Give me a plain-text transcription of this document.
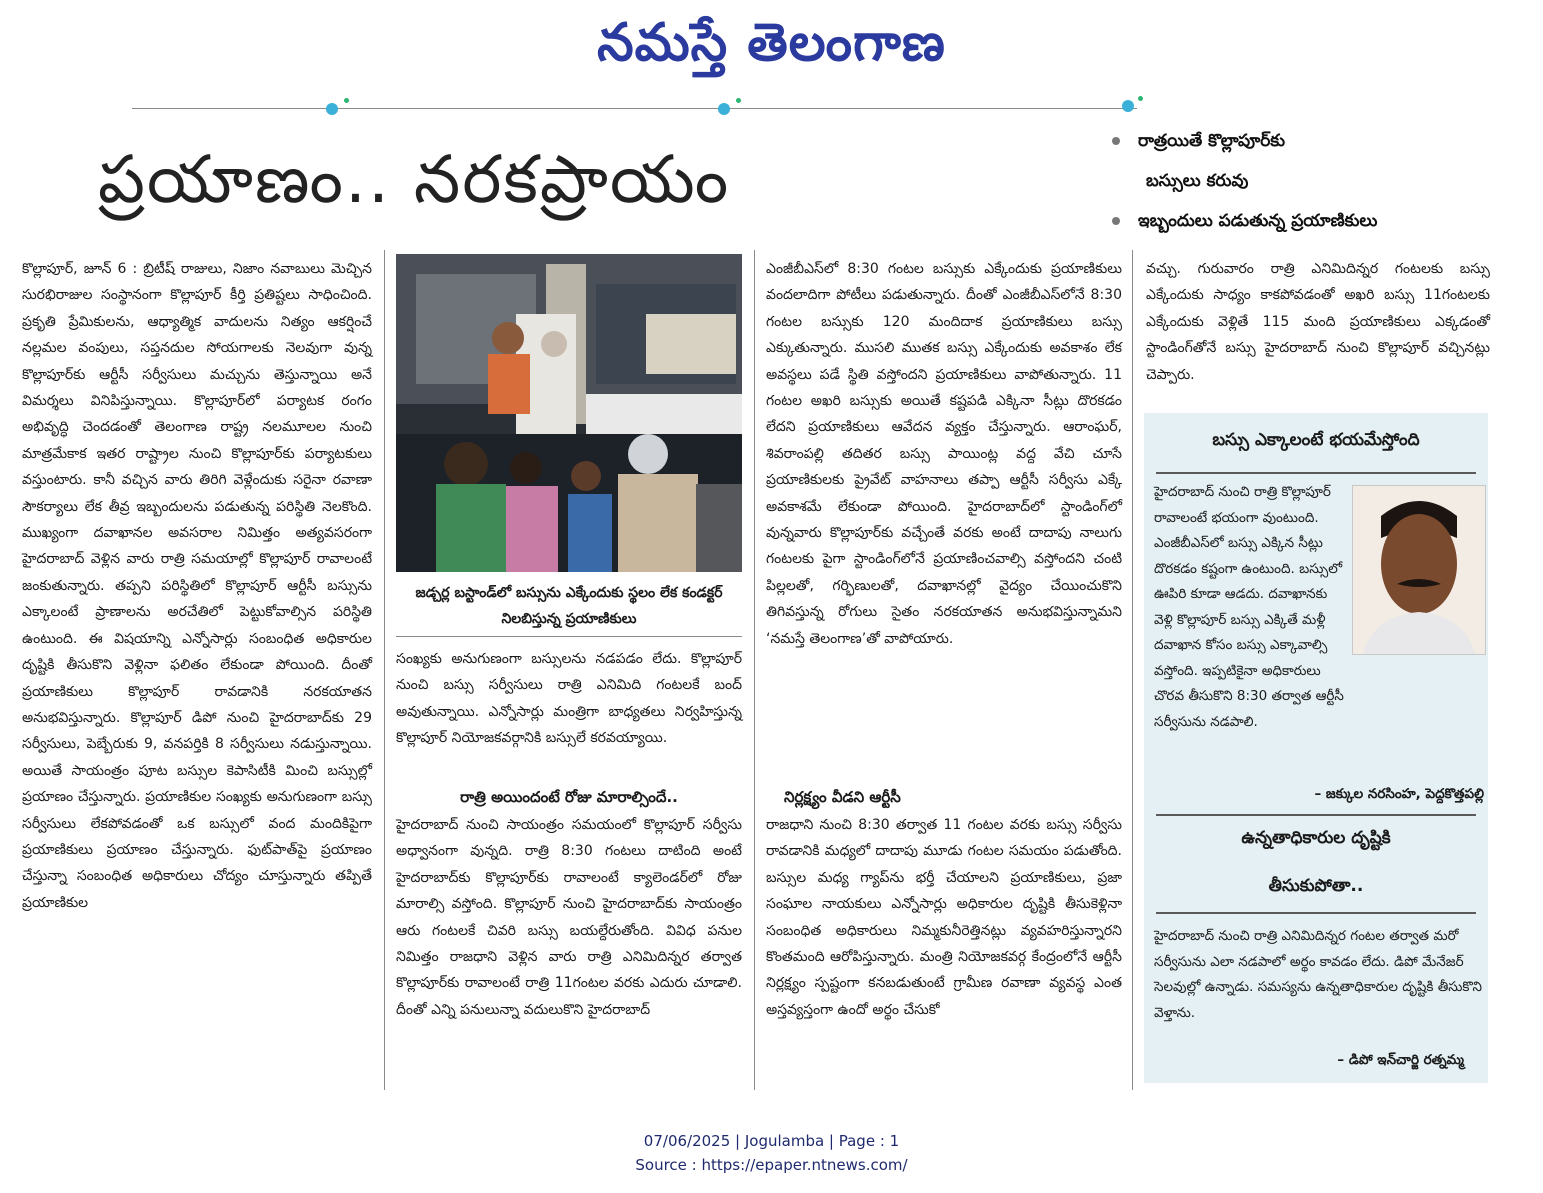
నమస్తే తెలంగాణ
ప్రయాణం.. నరకప్రాయం	రాత్రయితే కొల్లాపూర్‌కు
బస్సులు కరువు
ఇబ్బందులు పడుతున్న ప్రయాణికులు

కొల్లాపూర్‌, జూన్‌ 6 : బ్రిటీష్‌ రాజులు, నిజాం నవాబులు మెచ్చిన సురభిరాజుల సంస్థానంగా కొల్లాపూర్‌ కీర్తి ప్రతిష్టలు సాధించింది. ప్రకృతి ప్రేమికులను, ఆధ్యాత్మిక వాదులను నిత్యం ఆకర్షించే నల్లమల వంపులు, సప్తనదుల సోయగాలకు నెలవుగా వున్న కొల్లాపూర్‌కు ఆర్టీసీ సర్వీసులు మచ్చును తెస్తున్నాయి అనే విమర్శలు వినిపిస్తున్నాయి. కొల్లాపూర్‌లో పర్యాటక రంగం అభివృద్ధి చెందడంతో తెలంగాణ రాష్ట్ర నలమూలల నుంచి మాత్రమేకాక ఇతర రాష్ట్రాల నుంచి కొల్లాపూర్‌కు పర్యాటకులు వస్తుంటారు. కానీ వచ్చిన వారు తిరిగి వెళ్లేందుకు సరైనా రవాణా సౌకర్యాలు లేక తీవ్ర ఇబ్బందులను పడుతున్న పరిస్థితి నెలకొంది. ముఖ్యంగా దవాఖానల అవసరాల నిమిత్తం అత్యవసరంగా హైదరాబాద్‌ వెళ్లిన వారు రాత్రి సమయాల్లో కొల్లాపూర్‌ రావాలంటే జంకుతున్నారు. తప్పని పరిస్థితిలో కొల్లాపూర్‌ ఆర్టీసీ బస్సును ఎక్కాలంటే ప్రాణాలను అరచేతిలో పెట్టుకోవాల్సిన పరిస్థితి ఉంటుంది. ఈ విషయాన్ని ఎన్నోసార్లు సంబంధిత అధికారుల దృష్టికి తీసుకొని వెళ్లినా ఫలితం లేకుండా పోయింది. దీంతో ప్రయాణికులు కొల్లాపూర్‌ రావడానికి నరకయాతన అనుభవిస్తున్నారు. కొల్లాపూర్‌ డిపో నుంచి హైదరాబాద్‌కు 29 సర్వీసులు, పెబ్బేరుకు 9, వనపర్తికి 8 సర్వీసులు నడుస్తున్నాయి. అయితే సాయంత్రం పూట బస్సుల కెపాసిటీకి మించి బస్సుల్లో ప్రయాణం చేస్తున్నారు. ప్రయాణికుల సంఖ్యకు అనుగుణంగా బస్సు సర్వీసులు లేకపోవడంతో ఒక బస్సులో వంద మందికిపైగా ప్రయాణికులు ప్రయాణం చేస్తున్నారు. ఫుట్‌పాత్‌పై ప్రయాణం చేస్తున్నా సంబంధిత అధికారులు చోద్యం చూస్తున్నారు తప్పితే ప్రయాణికుల

జడ్చర్ల బస్టాండ్‌లో బస్సును ఎక్కేందుకు స్థలం లేక కండక్టర్‌ నిలబిస్తున్న ప్రయాణికులు

సంఖ్యకు అనుగుణంగా బస్సులను నడపడం లేదు. కొల్లాపూర్‌ నుంచి బస్సు సర్వీసులు రాత్రి ఎనిమిది గంటలకే బంద్‌ అవుతున్నాయి. ఎన్నోసార్లు మంత్రిగా బాధ్యతలు నిర్వహిస్తున్న కొల్లాపూర్‌ నియోజకవర్గానికి బస్సులే కరవయ్యాయి.

రాత్రి అయిందంటే రోజు మారాల్సిందే..

హైదరాబాద్‌ నుంచి సాయంత్రం సమయంలో కొల్లాపూర్‌ సర్వీసు అధ్వానంగా వున్నది. రాత్రి 8:30 గంటలు దాటింది అంటే హైదరాబాద్‌కు కొల్లాపూర్‌కు రావాలంటే క్యాలెండర్‌లో రోజు మారాల్సి వస్తోంది. కొల్లాపూర్‌ నుంచి హైదరాబాద్‌కు సాయంత్రం ఆరు గంటలకే చివరి బస్సు బయల్దేరుతోంది. వివిధ పనుల నిమిత్తం రాజధాని వెళ్లిన వారు రాత్రి ఎనిమిదిన్నర తర్వాత కొల్లాపూర్‌కు రావాలంటే రాత్రి 11గంటల వరకు ఎదురు చూడాలి. దీంతో ఎన్ని పనులున్నా వదులుకొని హైదరాబాద్‌

ఎంజీబీఎస్‌లో 8:30 గంటల బస్సుకు ఎక్కేందుకు ప్రయాణికులు వందలాదిగా పోటీలు పడుతున్నారు. దీంతో ఎంజీబీఎస్‌లోనే 8:30 గంటల బస్సుకు 120 మందిదాక ప్రయాణికులు బస్సు ఎక్కుతున్నారు. ముసలి ముతక బస్సు ఎక్కేందుకు అవకాశం లేక అవస్థలు పడే స్థితి వస్తోందని ప్రయాణికులు వాపోతున్నారు. 11 గంటల అఖరి బస్సుకు అయితే కష్టపడి ఎక్కినా సీట్లు దొరకడం లేదని ప్రయాణికులు ఆవేదన వ్యక్తం చేస్తున్నారు. ఆరాంఘర్‌, శివరాంపల్లి తదితర బస్సు పాయింట్ల వద్ద వేచి చూసే ప్రయాణికులకు ప్రైవేట్‌ వాహనాలు తప్పా ఆర్టీసీ సర్వీసు ఎక్కే అవకాశమే లేకుండా పోయింది. హైదరాబాద్‌లో స్టాండింగ్‌లో వున్నవారు కొల్లాపూర్‌కు వచ్చేంతే వరకు అంటే దాదాపు నాలుగు గంటలకు పైగా స్టాండింగ్‌లోనే ప్రయాణించవాల్సి వస్తోందని చంటి పిల్లలతో, గర్భిణులతో, దవాఖానల్లో వైద్యం చేయించుకొని తిగివస్తున్న రోగులు సైతం నరకయాతన అనుభవిస్తున్నామని ‘నమస్తే తెలంగాణ’తో వాపోయారు.

నిర్లక్ష్యం వీడని ఆర్టీసీ

రాజధాని నుంచి 8:30 తర్వాత 11 గంటల వరకు బస్సు సర్వీసు రావడానికి మధ్యలో దాదాపు మూడు గంటల సమయం పడుతోంది. బస్సుల మధ్య గ్యాప్‌ను భర్తీ చేయాలని ప్రయాణికులు, ప్రజా సంఘాల నాయకులు ఎన్నోసార్లు అధికారుల దృష్టికి తీసుకెళ్లినా సంబంధిత అధికారులు నిమ్మకునీరెత్తినట్లు వ్యవహరిస్తున్నారని కొంతమంది ఆరోపిస్తున్నారు. మంత్రి నియోజకవర్గ కేంద్రంలోనే ఆర్టీసీ నిర్లక్ష్యం స్పష్టంగా కనబడుతుంటే గ్రామీణ రవాణా వ్యవస్థ ఎంత అస్తవ్యస్తంగా ఉందో అర్థం చేసుకో

వచ్చు. గురువారం రాత్రి ఎనిమిదిన్నర గంటలకు బస్సు ఎక్కేందుకు సాధ్యం కాకపోవడంతో అఖరి బస్సు 11గంటలకు ఎక్కేందుకు వెళ్లితే 115 మంది ప్రయాణికులు ఎక్కడంతో స్టాండింగ్‌తోనే బస్సు హైదరాబాద్‌ నుంచి కొల్లాపూర్‌ వచ్చినట్లు చెప్పారు.

బస్సు ఎక్కాలంటే భయమేస్తోంది
హైదరాబాద్‌ నుంచి రాత్రి కొల్లాపూర్‌ రావాలంటే భయంగా వుంటుంది. ఎంజీబీఎస్‌లో బస్సు ఎక్కిన సీట్లు దొరకడం కష్టంగా ఉంటుంది. బస్సులో ఊపిరి కూడా ఆడదు. దవాఖానకు వెళ్లి కొల్లాపూర్‌ బస్సు ఎక్కితే మళ్లీ దవాఖాన కోసం బస్సు ఎక్కావాల్సి వస్తోంది. ఇప్పటికైనా అధికారులు చొరవ తీసుకొని 8:30 తర్వాత ఆర్టీసీ సర్వీసును నడపాలి.
– జక్కుల నరసింహ, పెద్దకొత్తపల్లి
ఉన్నతాధికారుల దృష్టికి
తీసుకుపోతా..
హైదరాబాద్‌ నుంచి రాత్రి ఎనిమిదిన్నర గంటల తర్వాత మరో సర్వీసును ఎలా నడపాలో అర్థం కావడం లేదు. డిపో మేనేజర్‌ సెలవుల్లో ఉన్నాడు. సమస్యను ఉన్నతాధికారుల దృష్టికి తీసుకొని వెళ్తాను.
– డిపో ఇన్‌చార్జి రత్నమ్మ
07/06/2025 | Jogulamba | Page : 1
Source : https://epaper.ntnews.com/
